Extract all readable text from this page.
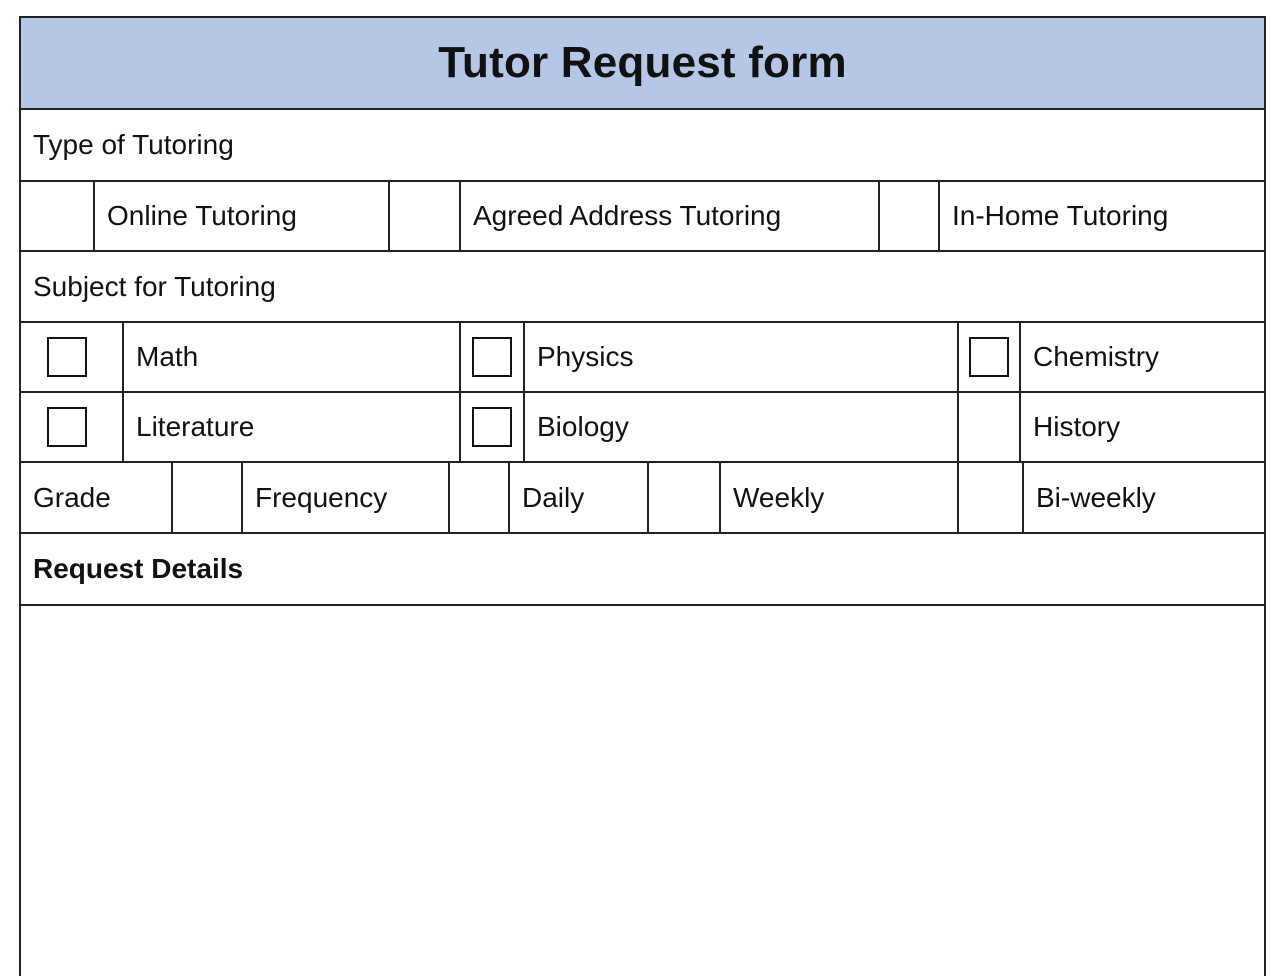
Tutor Request form
Type of Tutoring
Online Tutoring	Agreed Address Tutoring	In-Home Tutoring
Subject for Tutoring
Math	Physics	Chemistry
Literature	Biology	History
Grade	Frequency	Daily	Weekly	Bi-weekly
Request Details
